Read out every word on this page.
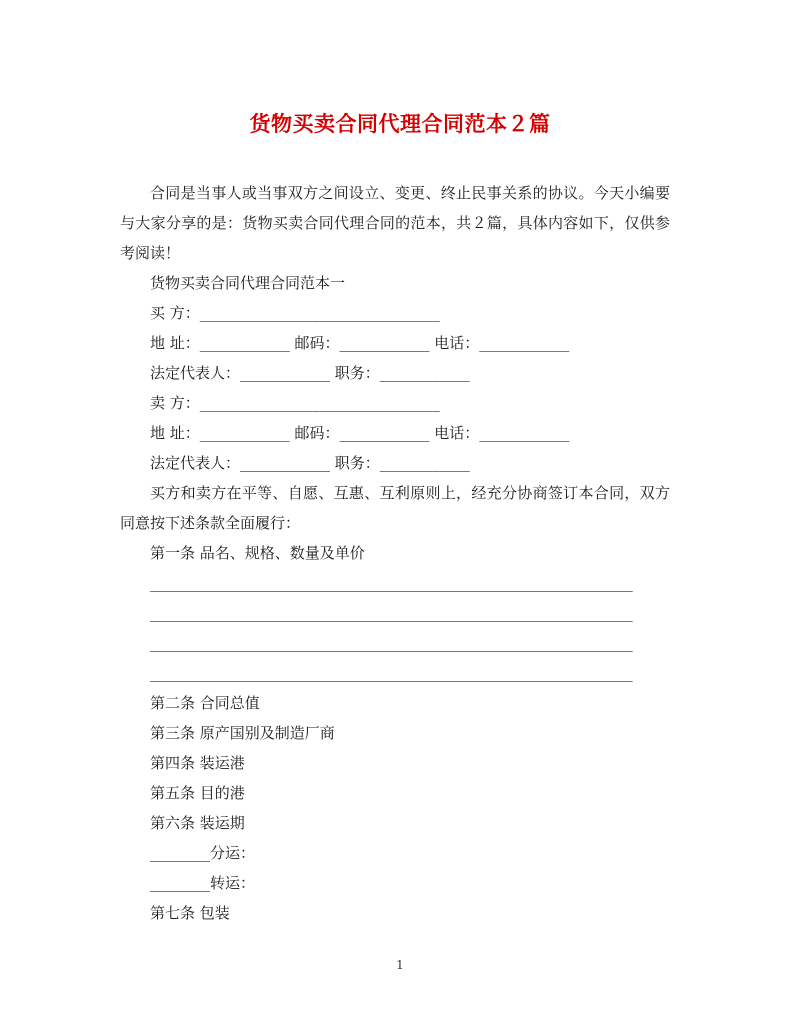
货物买卖合同代理合同范本２篇

合同是当事人或当事双方之间设立、变更、终止民事关系的协议。今天小编要与大家分享的是：货物买卖合同代理合同的范本，共２篇，具体内容如下，仅供参考阅读！

货物买卖合同代理合同范本一

买 方：________________________________

地 址：____________ 邮码：____________ 电话：____________

法定代表人：____________ 职务：____________

卖 方：________________________________

地 址：____________ 邮码：____________ 电话：____________

法定代表人：____________ 职务：____________

买方和卖方在平等、自愿、互惠、互利原则上，经充分协商签订本合同，双方同意按下述条款全面履行：

第一条 品名、规格、数量及单价

___________________________________________________________________

___________________________________________________________________

___________________________________________________________________

___________________________________________________________________

第二条 合同总值

第三条 原产国别及制造厂商

第四条 装运港

第五条 目的港

第六条 装运期

________分运：

________转运：

第七条 包装

1
